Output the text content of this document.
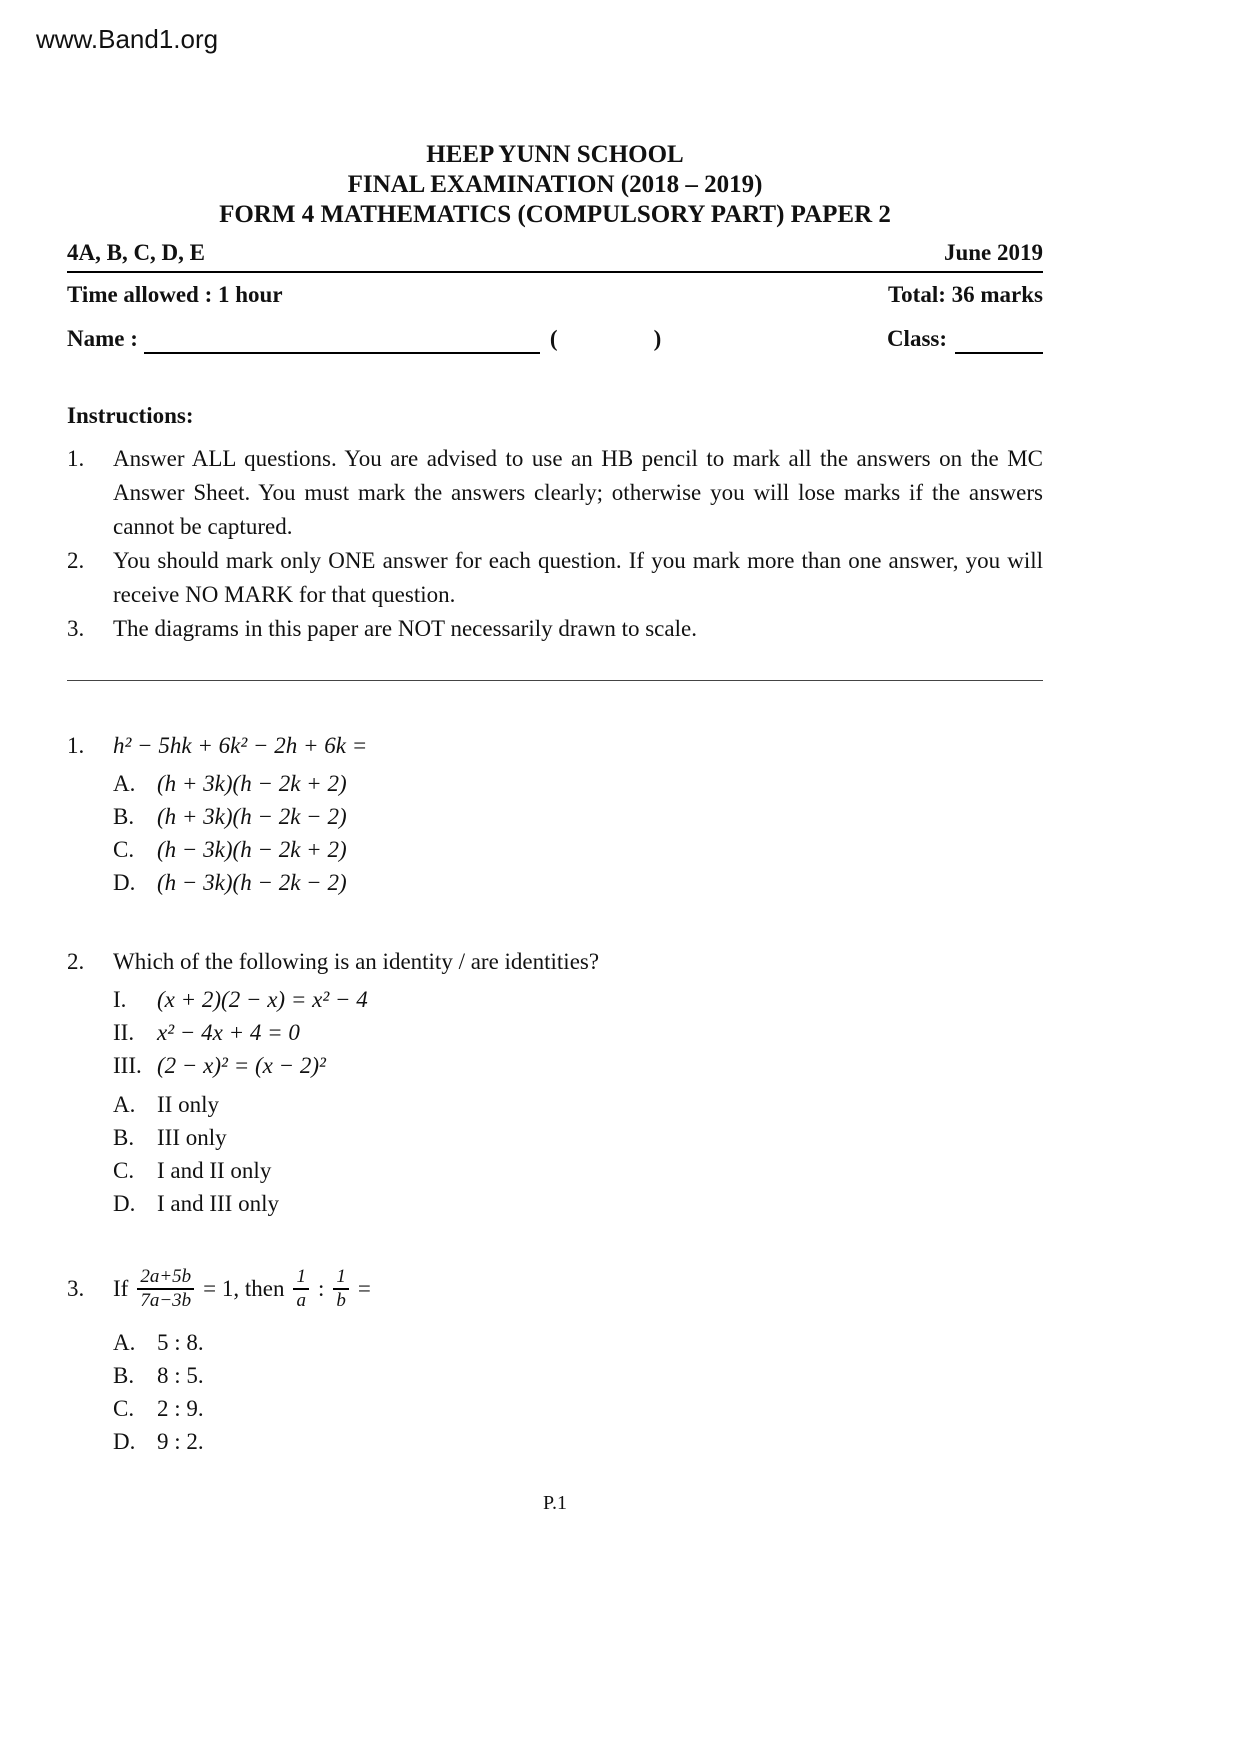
www.Band1.org
HEEP YUNN SCHOOL
FINAL EXAMINATION (2018 – 2019)
FORM 4 MATHEMATICS (COMPULSORY PART) PAPER 2
4A, B, C, D, E	June 2019
Time allowed : 1 hour	Total: 36 marks
Name :	(	)	Class:
Instructions:
1.	Answer ALL questions. You are advised to use an HB pencil to mark all the answers on the MC Answer Sheet. You must mark the answers clearly; otherwise you will lose marks if the answers cannot be captured.
2.	You should mark only ONE answer for each question. If you mark more than one answer, you will receive NO MARK for that question.
3.	The diagrams in this paper are NOT necessarily drawn to scale.
1.	h² − 5hk + 6k² − 2h + 6k =
A. (h + 3k)(h − 2k + 2)
B. (h + 3k)(h − 2k − 2)
C. (h − 3k)(h − 2k + 2)
D. (h − 3k)(h − 2k − 2)
2.	Which of the following is an identity / are identities?
I.	(x + 2)(2 − x) = x² − 4
II. x² − 4x + 4 = 0
III. (2 − x)² = (x − 2)²
A. II only
B. III only
C. I and II only
D. I and III only
3.	If $\frac{2a+5b}{7a-3b} = 1$, then $\frac{1}{a}$ : $\frac{1}{b}$ =
A. 5 : 8.
B. 8 : 5.
C. 2 : 9.
D. 9 : 2.
P.1
